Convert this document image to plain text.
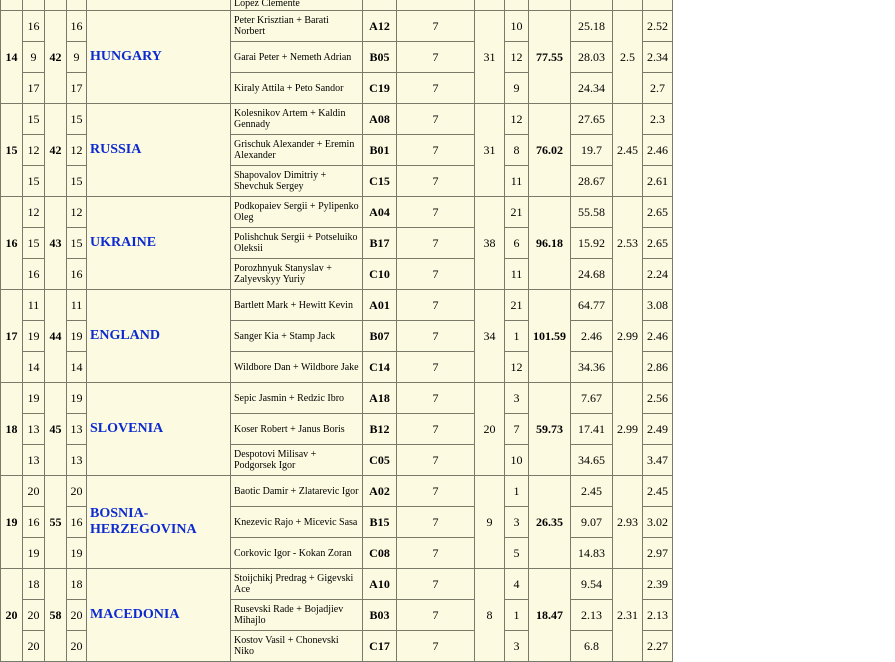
					Lopez Clemente								
14	16	42	16	HUNGARY	Peter Krisztian + Barati Norbert	A12	7	31	10	77.55	25.18	2.5	2.52
	9		9		Garai Peter + Nemeth Adrian	B05	7		12		28.03		2.34
	17		17		Kiraly Attila + Peto Sandor	C19	7		9		24.34		2.7
15	15	42	15	RUSSIA	Kolesnikov Artem + Kaldin Gennady	A08	7	31	12	76.02	27.65	2.45	2.3
	12		12		Grischuk Alexander + Eremin Alexander	B01	7		8		19.7		2.46
	15		15		Shapovalov Dimitriy + Shevchuk Sergey	C15	7		11		28.67		2.61
16	12	43	12	UKRAINE	Podkopaiev Sergii + Pylipenko Oleg	A04	7	38	21	96.18	55.58	2.53	2.65
	15		15		Polishchuk Sergii + Potseluiko Oleksii	B17	7		6		15.92		2.65
	16		16		Porozhnyuk Stanyslav + Zalyevskyy Yuriy	C10	7		11		24.68		2.24
17	11	44	11	ENGLAND	Bartlett Mark + Hewitt Kevin	A01	7	34	21	101.59	64.77	2.99	3.08
	19		19		Sanger Kia + Stamp Jack	B07	7		1		2.46		2.46
	14		14		Wildbore Dan + Wildbore Jake	C14	7		12		34.36		2.86
18	19	45	19	SLOVENIA	Sepic Jasmin + Redzic Ibro	A18	7	20	3	59.73	7.67	2.99	2.56
	13		13		Koser Robert + Janus Boris	B12	7		7		17.41		2.49
	13		13		Despotovi Milisav + Podgorsek Igor	C05	7		10		34.65		3.47
19	20	55	20	BOSNIA-HERZEGOVINA	Baotic Damir + Zlatarevic Igor	A02	7	9	1	26.35	2.45	2.93	2.45
	16		16		Knezevic Rajo + Micevic Sasa	B15	7		3		9.07		3.02
	19		19		Corkovic Igor - Kokan Zoran	C08	7		5		14.83		2.97
20	18	58	18	MACEDONIA	Stoijchikj Predrag + Gigevski Ace	A10	7	8	4	18.47	9.54	2.31	2.39
	20		20		Rusevski Rade + Bojadjiev Mihajlo	B03	7		1		2.13		2.13
	20		20		Kostov Vasil + Chonevski Niko	C17	7		3		6.8		2.27
